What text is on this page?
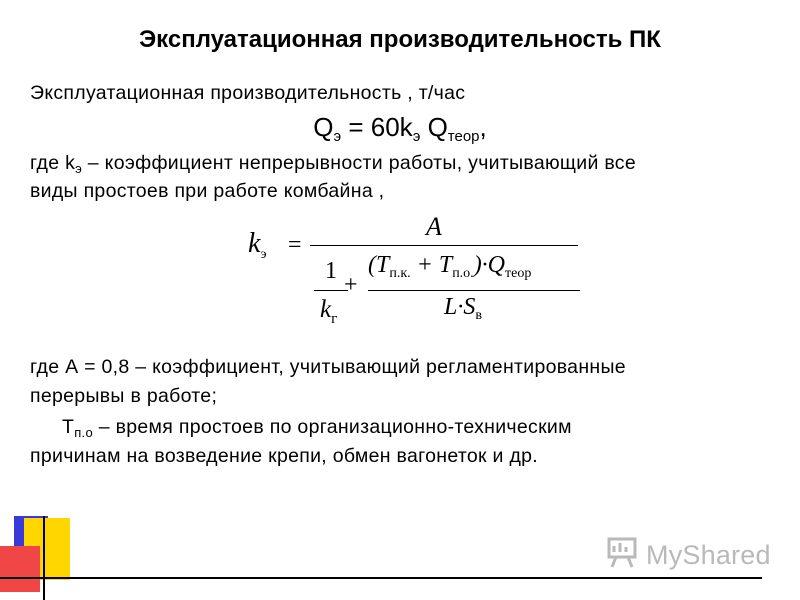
Эксплуатационная производительность ПК
Эксплуатационная производительность , т/час
$Q_э = 60k_э$ $Q_{теор}$,
где $k_э$ – коэффициент непрерывности работы, учитывающий все
виды простоев при работе комбайна ,
$k_э$ =
A
1
$k_г$
+
$(T_{п.к.} + T_{п.о.})\cdot Q_{теор}$
$L\cdot S_в$
где А = 0,8 – коэффициент, учитывающий регламентированные
перерывы в работе;
$Т_{п.о}$ – время простоев по организационно-техническим
причинам на возведение крепи, обмен вагонеток и др.
MyShared
